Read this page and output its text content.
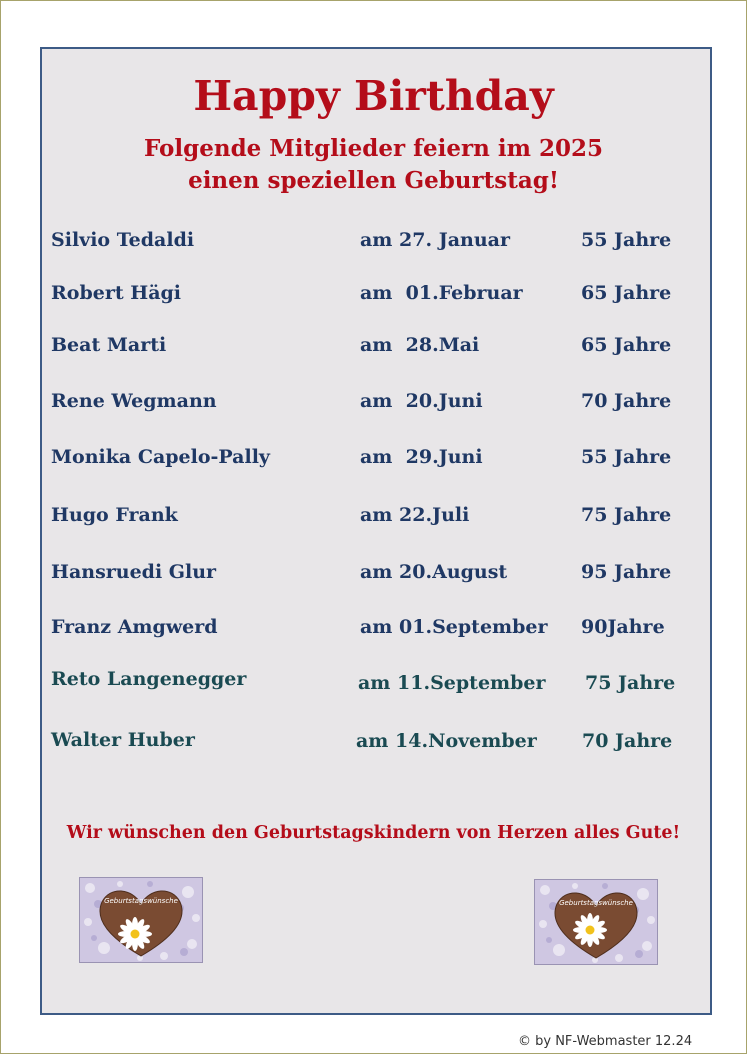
Happy Birthday
Folgende Mitglieder feiern im 2025
einen speziellen Geburtstag!
Silvio Tedaldi	am 27. Januar	55 Jahre
Robert Hägi	am  01.Februar	65 Jahre
Beat Marti	am  28.Mai	65 Jahre
Rene Wegmann	am  20.Juni	70 Jahre
Monika Capelo-Pally	am  29.Juni	55 Jahre
Hugo Frank	am 22.Juli	75 Jahre
Hansruedi Glur	am 20.August	95 Jahre
Franz Amgwerd	am 01.September 90Jahre
Reto Langenegger	am 11.September 75 Jahre
Walter Huber	am 14.November 70 Jahre
Wir wünschen den Geburtstagskindern von Herzen alles Gute!
Geburtstagswünsche	Geburtstagswünsche
© by NF-Webmaster 12.24
